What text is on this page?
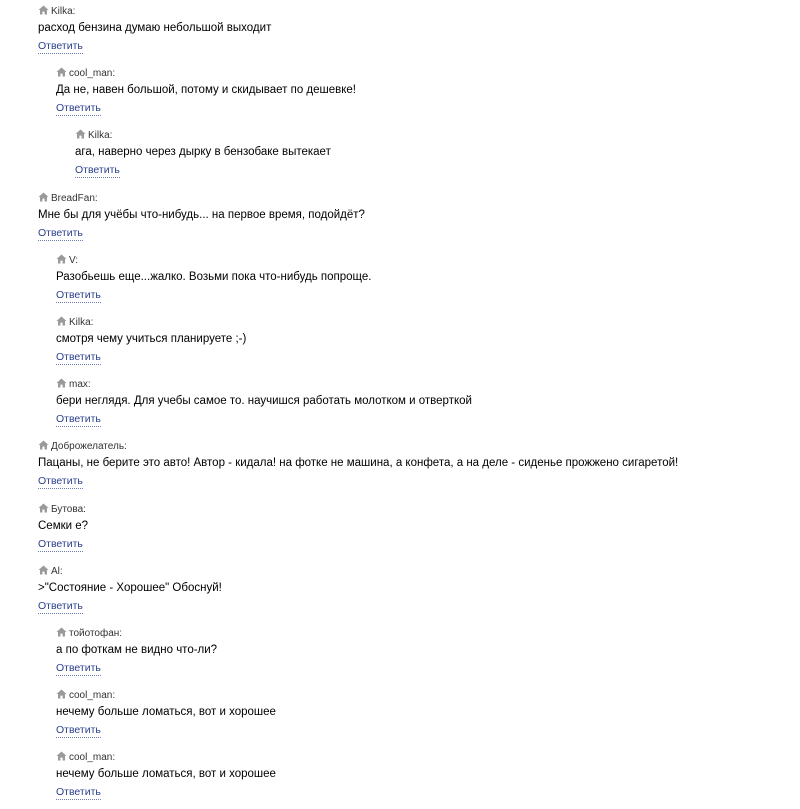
Kilka:
расход бензина думаю небольшой выходит
Ответить
cool_man:
Да не, навен большой, потому и скидывает по дешевке!
Ответить
Kilka:
ага, наверно через дырку в бензобаке вытекает
Ответить
BreadFan:
Мне бы для учёбы что-нибудь... на первое время, подойдёт?
Ответить
V:
Разобьешь еще...жалко. Возьми пока что-нибудь попроще.
Ответить
Kilka:
смотря чему учиться планируете ;-)
Ответить
max:
бери неглядя. Для учебы самое то. научишся работать молотком и отверткой
Ответить
Доброжелатель:
Пацаны, не берите это авто! Автор - кидала! на фотке не машина, а конфета, а на деле - сиденье прожжено сигаретой!
Ответить
Бутова:
Семки е?
Ответить
Al:
>"Состояние - Хорошее" Обоснуй!
Ответить
тойотофан:
а по фоткам не видно что-ли?
Ответить
cool_man:
нечему больше ломаться, вот и хорошее
Ответить
cool_man:
нечему больше ломаться, вот и хорошее
Ответить
